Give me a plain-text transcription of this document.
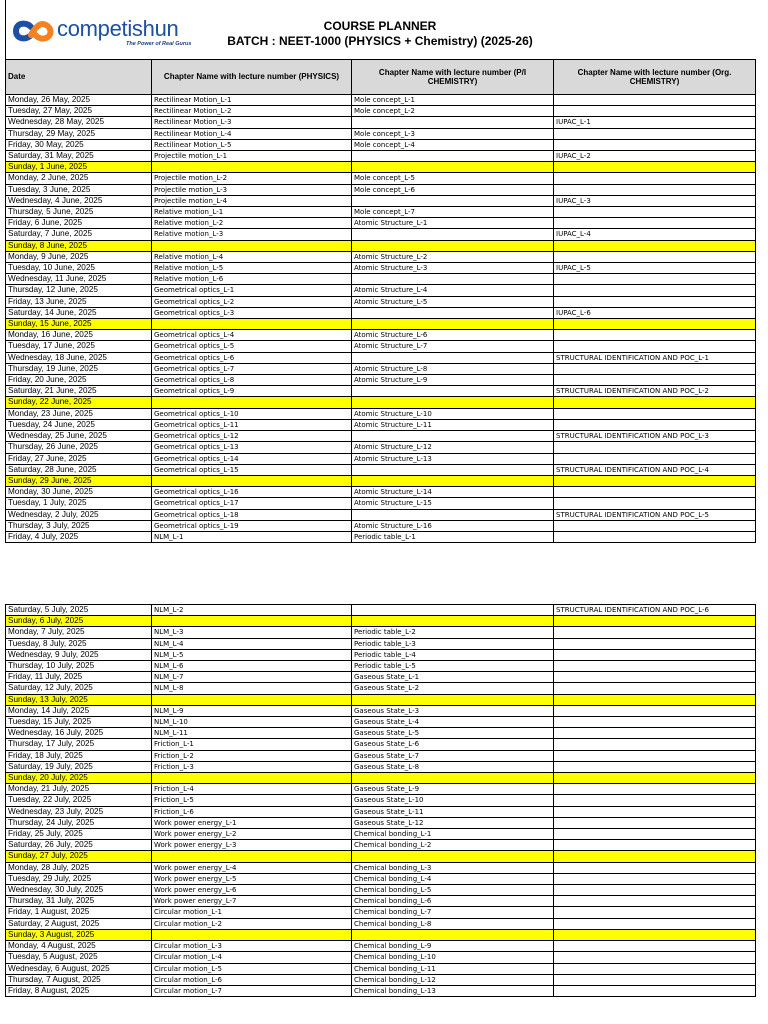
competishun
The Power of Real Gurus
COURSE PLANNER
BATCH : NEET-1000 (PHYSICS + Chemistry) (2025-26)
Date	Chapter Name with lecture number (PHYSICS)	Chapter Name with lecture number (P/I CHEMISTRY)	Chapter Name with lecture number (Org. CHEMISTRY)
Monday, 26 May, 2025	Rectilinear Motion_L-1	Mole concept_L-1	
Tuesday, 27 May, 2025	Rectilinear Motion_L-2	Mole concept_L-2	
Wednesday, 28 May, 2025	Rectilinear Motion_L-3		IUPAC_L-1
Thursday, 29 May, 2025	Rectilinear Motion_L-4	Mole concept_L-3	
Friday, 30 May, 2025	Rectilinear Motion_L-5	Mole concept_L-4	
Saturday, 31 May, 2025	Projectile motion_L-1		IUPAC_L-2
Sunday, 1 June, 2025			
Monday, 2 June, 2025	Projectile motion_L-2	Mole concept_L-5	
Tuesday, 3 June, 2025	Projectile motion_L-3	Mole concept_L-6	
Wednesday, 4 June, 2025	Projectile motion_L-4		IUPAC_L-3
Thursday, 5 June, 2025	Relative motion_L-1	Mole concept_L-7	
Friday, 6 June, 2025	Relative motion_L-2	Atomic Structure_L-1	
Saturday, 7 June, 2025	Relative motion_L-3		IUPAC_L-4
Sunday, 8 June, 2025			
Monday, 9 June, 2025	Relative motion_L-4	Atomic Structure_L-2	
Tuesday, 10 June, 2025	Relative motion_L-5	Atomic Structure_L-3	IUPAC_L-5
Wednesday, 11 June, 2025	Relative motion_L-6		
Thursday, 12 June, 2025	Geometrical optics_L-1	Atomic Structure_L-4	
Friday, 13 June, 2025	Geometrical optics_L-2	Atomic Structure_L-5	
Saturday, 14 June, 2025	Geometrical optics_L-3		IUPAC_L-6
Sunday, 15 June, 2025			
Monday, 16 June, 2025	Geometrical optics_L-4	Atomic Structure_L-6	
Tuesday, 17 June, 2025	Geometrical optics_L-5	Atomic Structure_L-7	
Wednesday, 18 June, 2025	Geometrical optics_L-6		STRUCTURAL IDENTIFICATION AND POC_L-1
Thursday, 19 June, 2025	Geometrical optics_L-7	Atomic Structure_L-8	
Friday, 20 June, 2025	Geometrical optics_L-8	Atomic Structure_L-9	
Saturday, 21 June, 2025	Geometrical optics_L-9		STRUCTURAL IDENTIFICATION AND POC_L-2
Sunday, 22 June, 2025			
Monday, 23 June, 2025	Geometrical optics_L-10	Atomic Structure_L-10	
Tuesday, 24 June, 2025	Geometrical optics_L-11	Atomic Structure_L-11	
Wednesday, 25 June, 2025	Geometrical optics_L-12		STRUCTURAL IDENTIFICATION AND POC_L-3
Thursday, 26 June, 2025	Geometrical optics_L-13	Atomic Structure_L-12	
Friday, 27 June, 2025	Geometrical optics_L-14	Atomic Structure_L-13	
Saturday, 28 June, 2025	Geometrical optics_L-15		STRUCTURAL IDENTIFICATION AND POC_L-4
Sunday, 29 June, 2025			
Monday, 30 June, 2025	Geometrical optics_L-16	Atomic Structure_L-14	
Tuesday, 1 July, 2025	Geometrical optics_L-17	Atomic Structure_L-15	
Wednesday, 2 July, 2025	Geometrical optics_L-18		STRUCTURAL IDENTIFICATION AND POC_L-5
Thursday, 3 July, 2025	Geometrical optics_L-19	Atomic Structure_L-16	
Friday, 4 July, 2025	NLM_L-1	Periodic table_L-1	
Saturday, 5 July, 2025	NLM_L-2		STRUCTURAL IDENTIFICATION AND POC_L-6
Sunday, 6 July, 2025			
Monday, 7 July, 2025	NLM_L-3	Periodic table_L-2	
Tuesday, 8 July, 2025	NLM_L-4	Periodic table_L-3	
Wednesday, 9 July, 2025	NLM_L-5	Periodic table_L-4	
Thursday, 10 July, 2025	NLM_L-6	Periodic table_L-5	
Friday, 11 July, 2025	NLM_L-7	Gaseous State_L-1	
Saturday, 12 July, 2025	NLM_L-8	Gaseous State_L-2	
Sunday, 13 July, 2025			
Monday, 14 July, 2025	NLM_L-9	Gaseous State_L-3	
Tuesday, 15 July, 2025	NLM_L-10	Gaseous State_L-4	
Wednesday, 16 July, 2025	NLM_L-11	Gaseous State_L-5	
Thursday, 17 July, 2025	Friction_L-1	Gaseous State_L-6	
Friday, 18 July, 2025	Friction_L-2	Gaseous State_L-7	
Saturday, 19 July, 2025	Friction_L-3	Gaseous State_L-8	
Sunday, 20 July, 2025			
Monday, 21 July, 2025	Friction_L-4	Gaseous State_L-9	
Tuesday, 22 July, 2025	Friction_L-5	Gaseous State_L-10	
Wednesday, 23 July, 2025	Friction_L-6	Gaseous State_L-11	
Thursday, 24 July, 2025	Work power energy_L-1	Gaseous State_L-12	
Friday, 25 July, 2025	Work power energy_L-2	Chemical bonding_L-1	
Saturday, 26 July, 2025	Work power energy_L-3	Chemical bonding_L-2	
Sunday, 27 July, 2025			
Monday, 28 July, 2025	Work power energy_L-4	Chemical bonding_L-3	
Tuesday, 29 July, 2025	Work power energy_L-5	Chemical bonding_L-4	
Wednesday, 30 July, 2025	Work power energy_L-6	Chemical bonding_L-5	
Thursday, 31 July, 2025	Work power energy_L-7	Chemical bonding_L-6	
Friday, 1 August, 2025	Circular motion_L-1	Chemical bonding_L-7	
Saturday, 2 August, 2025	Circular motion_L-2	Chemical bonding_L-8	
Sunday, 3 August, 2025			
Monday, 4 August, 2025	Circular motion_L-3	Chemical bonding_L-9	
Tuesday, 5 August, 2025	Circular motion_L-4	Chemical bonding_L-10	
Wednesday, 6 August, 2025	Circular motion_L-5	Chemical bonding_L-11	
Thursday, 7 August, 2025	Circular motion_L-6	Chemical bonding_L-12	
Friday, 8 August, 2025	Circular motion_L-7	Chemical bonding_L-13	
